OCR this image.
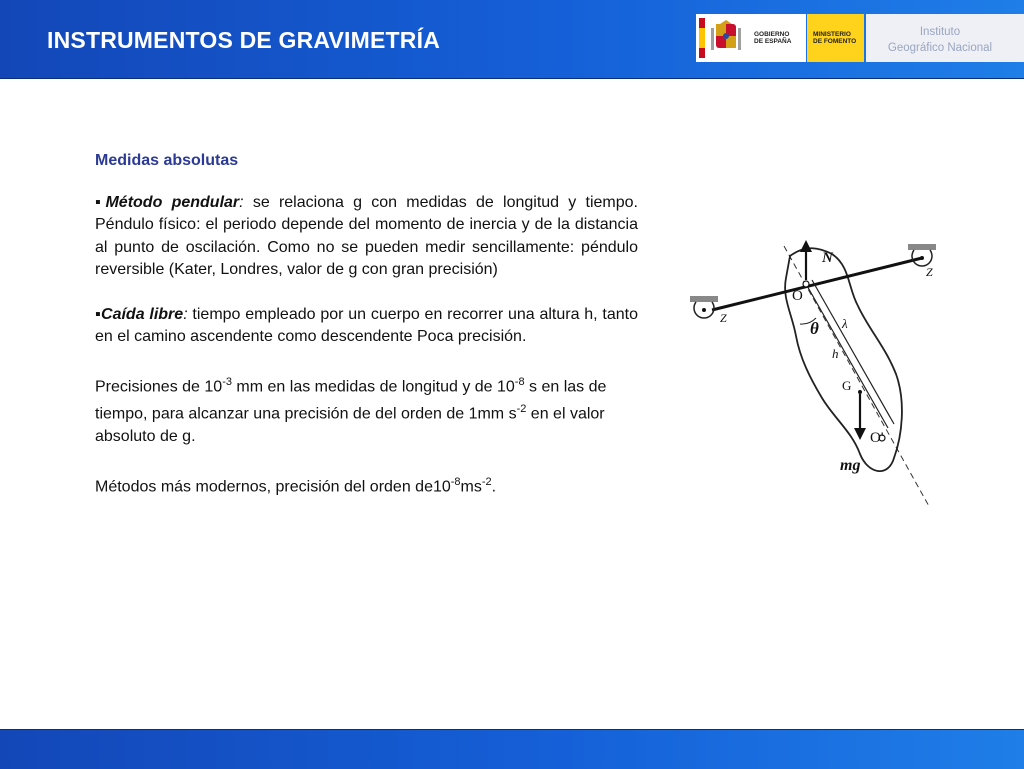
INSTRUMENTOS DE GRAVIMETRÍA	GOBIERNO
DE ESPAÑA
MINISTERIO
DE FOMENTO
Instituto
Geográfico Nacional
Medidas absolutas

▪Método pendular: se relaciona g con medidas de longitud y tiempo. Péndulo físico: el periodo depende del momento de inercia y de la distancia al punto de oscilación. Como no se pueden medir sencillamente: péndulo reversible (Kater, Londres, valor de g con gran precisión)

▪Caída libre: tiempo empleado por un cuerpo en recorrer una altura h, tanto en el camino ascendente como descendente Poca precisión.

Precisiones de $10^{-3}$ mm en las medidas de longitud y de $10^{-8}$ s en las de tiempo, para alcanzar una precisión de del orden de 1mm $s^{-2}$ en el valor absoluto de g.

Métodos más modernos, precisión del orden $de10^{-8}ms^{-2}$.

N
O
Z
Z
θ λ
h
G
O'
mg
